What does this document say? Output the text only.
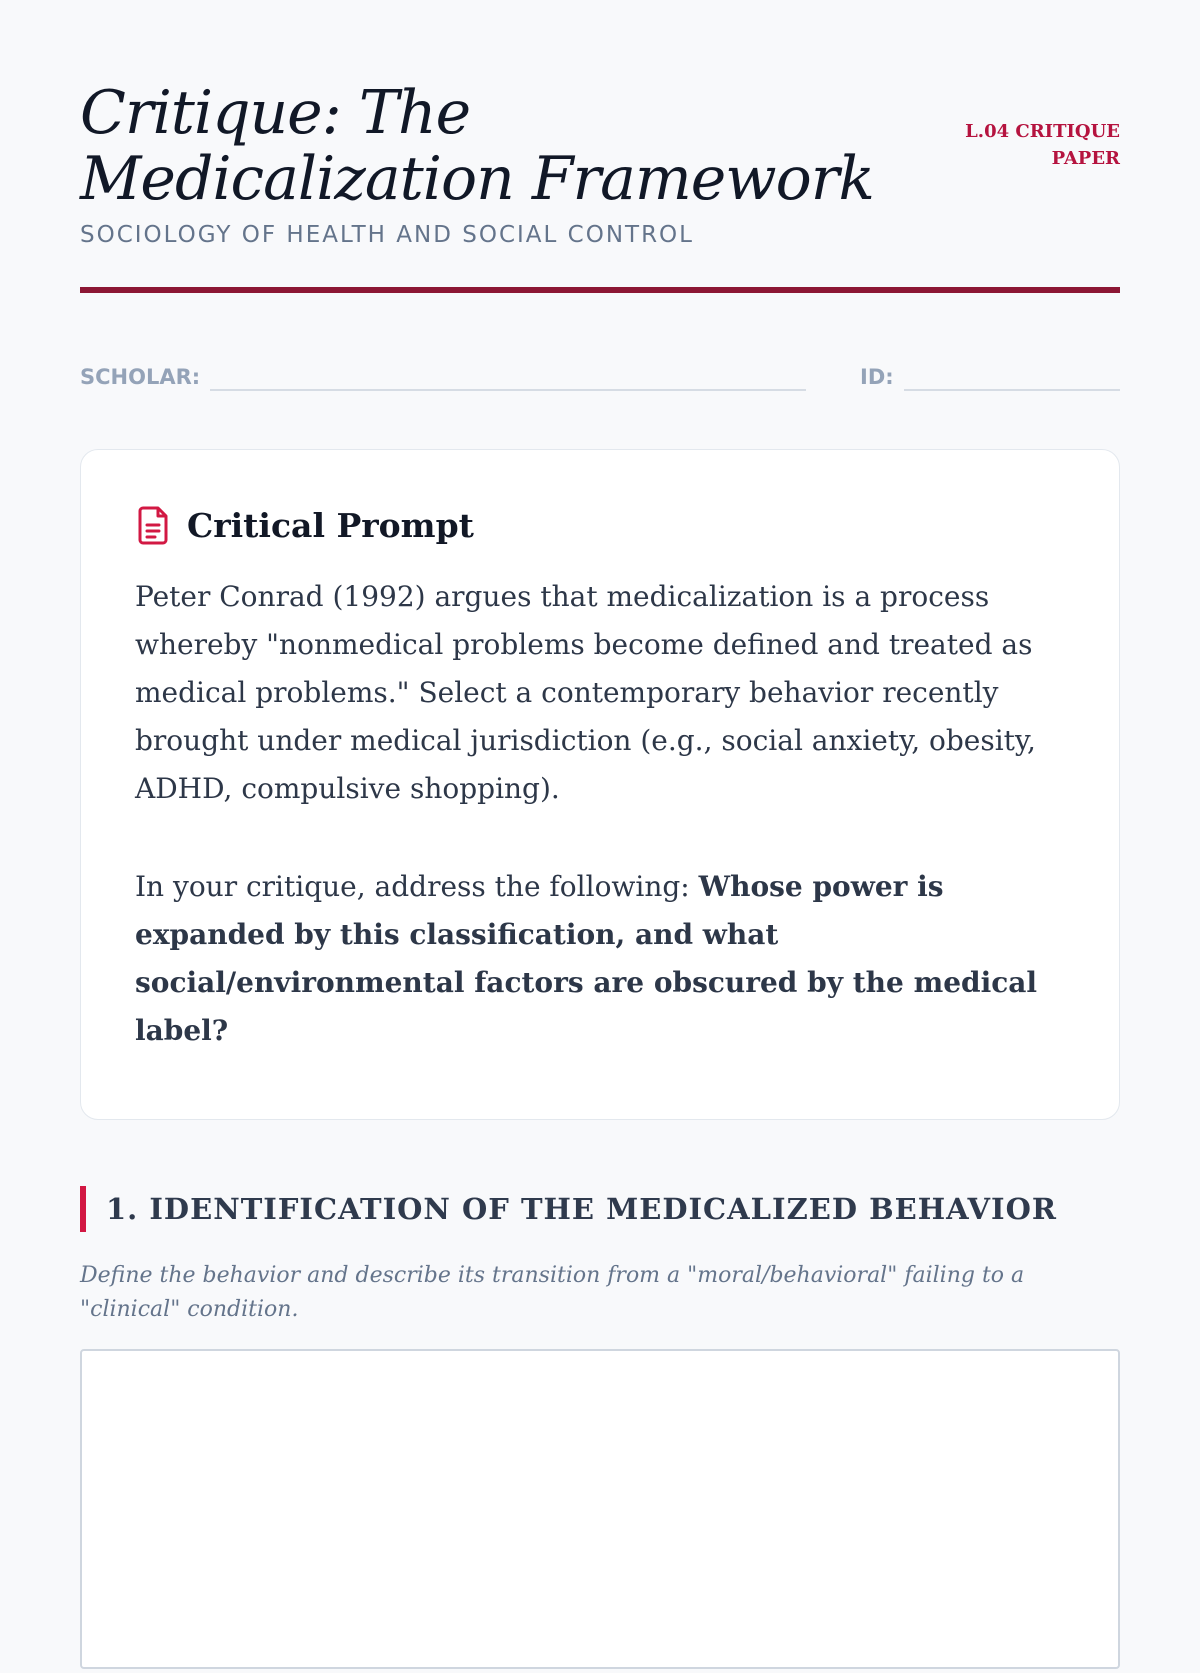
Critique: The Medicalization Framework
SOCIOLOGY OF HEALTH AND SOCIAL CONTROL
L.04 CRITIQUE PAPER
SCHOLAR:	ID:
Critical Prompt

Peter Conrad (1992) argues that medicalization is a process whereby "nonmedical problems become defined and treated as medical problems." Select a contemporary behavior recently brought under medical jurisdiction (e.g., social anxiety, obesity, ADHD, compulsive shopping).

In your critique, address the following: Whose power is expanded by this classification, and what social/environmental factors are obscured by the medical label?

1. IDENTIFICATION OF THE MEDICALIZED BEHAVIOR

Define the behavior and describe its transition from a "moral/behavioral" failing to a "clinical" condition.
